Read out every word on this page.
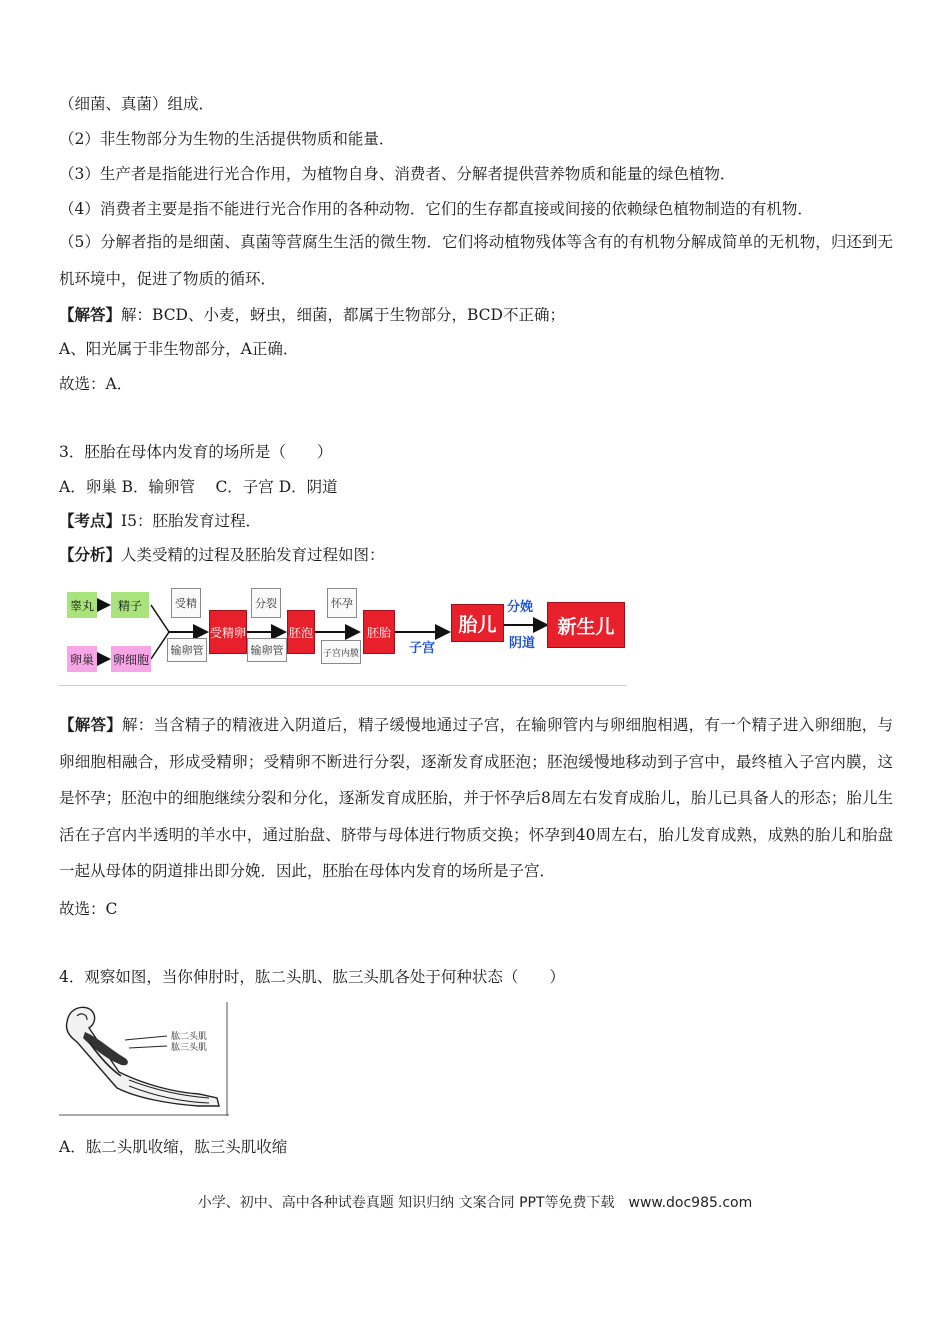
（细菌、真菌）组成．
（2）非生物部分为生物的生活提供物质和能量．
（3）生产者是指能进行光合作用，为植物自身、消费者、分解者提供营养物质和能量的绿色植物．
（4）消费者主要是指不能进行光合作用的各种动物．它们的生存都直接或间接的依赖绿色植物制造的有机物．
（5）分解者指的是细菌、真菌等营腐生生活的微生物．它们将动植物残体等含有的有机物分解成简单的无机物，归还到无机环境中，促进了物质的循环．
【解答】解：BCD、小麦，蚜虫，细菌，都属于生物部分，BCD不正确；
A、阳光属于非生物部分，A正确．
故选：A．
3．胚胎在母体内发育的场所是（　　）
A．卵巢 B．输卵管　 C．子宫 D．阴道
【考点】I5：胚胎发育过程．
【分析】人类受精的过程及胚胎发育过程如图：
睾丸	精子
卵巢 卵细胞
受精
输卵管
受精卵
分裂
输卵管
胚泡
怀孕
子宫内膜
胚胎
子宫
胎儿
分娩
阴道
新生儿
【解答】解：当含精子的精液进入阴道后，精子缓慢地通过子宫，在输卵管内与卵细胞相遇，有一个精子进入卵细胞，与卵细胞相融合，形成受精卵；受精卵不断进行分裂，逐渐发育成胚泡；胚泡缓慢地移动到子宫中，最终植入子宫内膜，这是怀孕；胚泡中的细胞继续分裂和分化，逐渐发育成胚胎，并于怀孕后8周左右发育成胎儿，胎儿已具备人的形态；胎儿生活在子宫内半透明的羊水中，通过胎盘、脐带与母体进行物质交换；怀孕到40周左右，胎儿发育成熟，成熟的胎儿和胎盘一起从母体的阴道排出即分娩．因此，胚胎在母体内发育的场所是子宫．
故选：C
4．观察如图，当你伸肘时，肱二头肌、肱三头肌各处于何种状态（　　）
肱二头肌
肱三头肌
A．肱二头肌收缩，肱三头肌收缩
小学、初中、高中各种试卷真题 知识归纳 文案合同 PPT等免费下载　www.doc985.com
